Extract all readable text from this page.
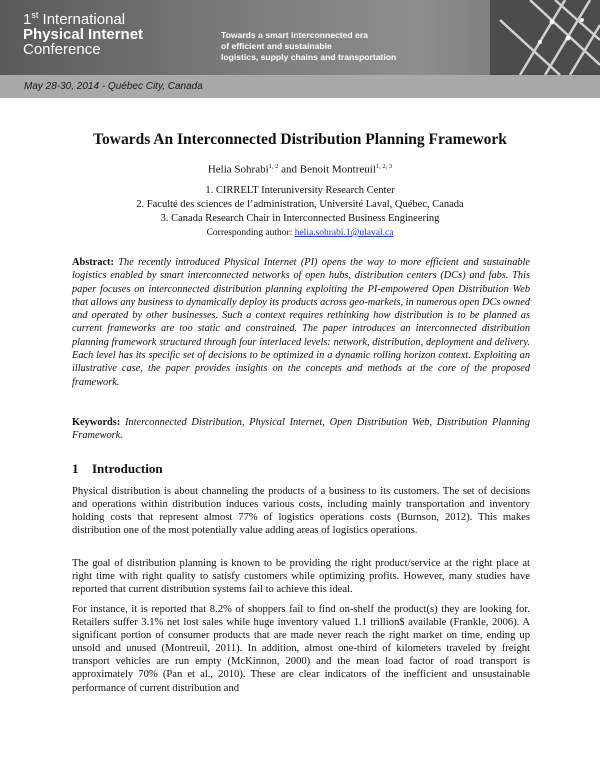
1st International
Physical Internet
Conference
Towards a smart interconnected era
of efficient and sustainable
logistics, supply chains and transportation
May 28-30, 2014 - Québec City, Canada
Towards An Interconnected Distribution Planning Framework
Helia Sohrabi$^{1, 2}$ and Benoit Montreuil$^{1, 2, 3}$
1. CIRRELT Interuniversity Research Center
2. Faculté des sciences de l’administration, Université Laval, Québec, Canada
3. Canada Research Chair in Interconnected Business Engineering
Corresponding author: helia.sohrabi.1@ulaval.ca
Abstract: The recently introduced Physical Internet (PI) opens the way to more efficient and sustainable logistics enabled by smart interconnected networks of open hubs, distribution centers (DCs) and fabs. This paper focuses on interconnected distribution planning exploiting the PI-empowered Open Distribution Web that allows any business to dynamically deploy its products across geo-markets, in numerous open DCs owned and operated by other businesses. Such a context requires rethinking how distribution is to be planned as current frameworks are too static and constrained. The paper introduces an interconnected distribution planning framework structured through four interlaced levels: network, distribution, deployment and delivery. Each level has its specific set of decisions to be optimized in a dynamic rolling horizon context. Exploiting an illustrative case, the paper provides insights on the concepts and methods at the core of the proposed framework.
Keywords: Interconnected Distribution, Physical Internet, Open Distribution Web, Distribution Planning Framework.
1 Introduction
Physical distribution is about channeling the products of a business to its customers. The set of decisions and operations within distribution induces various costs, including mainly transportation and inventory holding costs that represent almost 77% of logistics operations costs (Burnson, 2012). This makes distribution one of the most potentially value adding areas of logistics operations.
The goal of distribution planning is known to be providing the right product/service at the right place at right time with right quality to satisfy customers while optimizing profits. However, many studies have reported that current distribution systems fail to achieve this ideal.
For instance, it is reported that 8.2% of shoppers fail to find on-shelf the product(s) they are looking for. Retailers suffer 3.1% net lost sales while huge inventory valued 1.1 trillion$ available (Frankle, 2006). A significant portion of consumer products that are made never reach the right market on time, ending up unsold and unused (Montreuil, 2011). In addition, almost one-third of kilometers traveled by freight transport vehicles are run empty (McKinnon, 2000) and the mean load factor of road transport is approximately 70% (Pan et al., 2010). These are clear indicators of the inefficient and unsustainable performance of current distribution and
